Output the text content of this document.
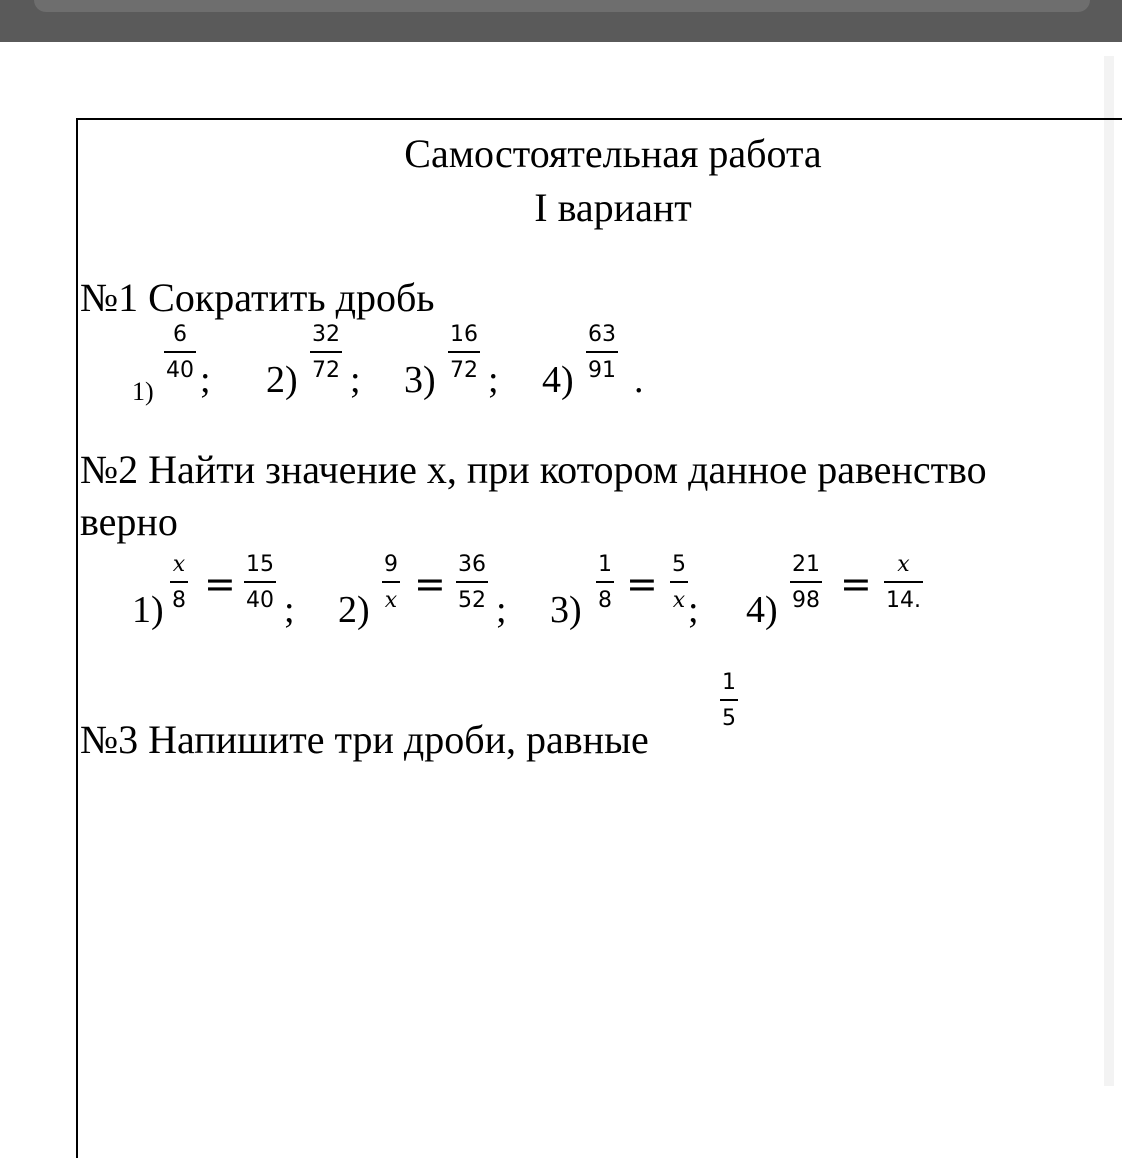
Самостоятельная работа
I вариант
№1 Сократить дробь
1)
6
40 ; 2)
32
72 ; 3)
16
72 ; 4)
63
91 .
№2 Найти значение х, при котором данное равенство
верно
1)
x
8 = 15
40 ; 2)
9
x = 36
52 ; 3)
1
8 = 5
x ; 4)
21
98 = x
14.
№3 Напишите три дроби, равные
1
5
